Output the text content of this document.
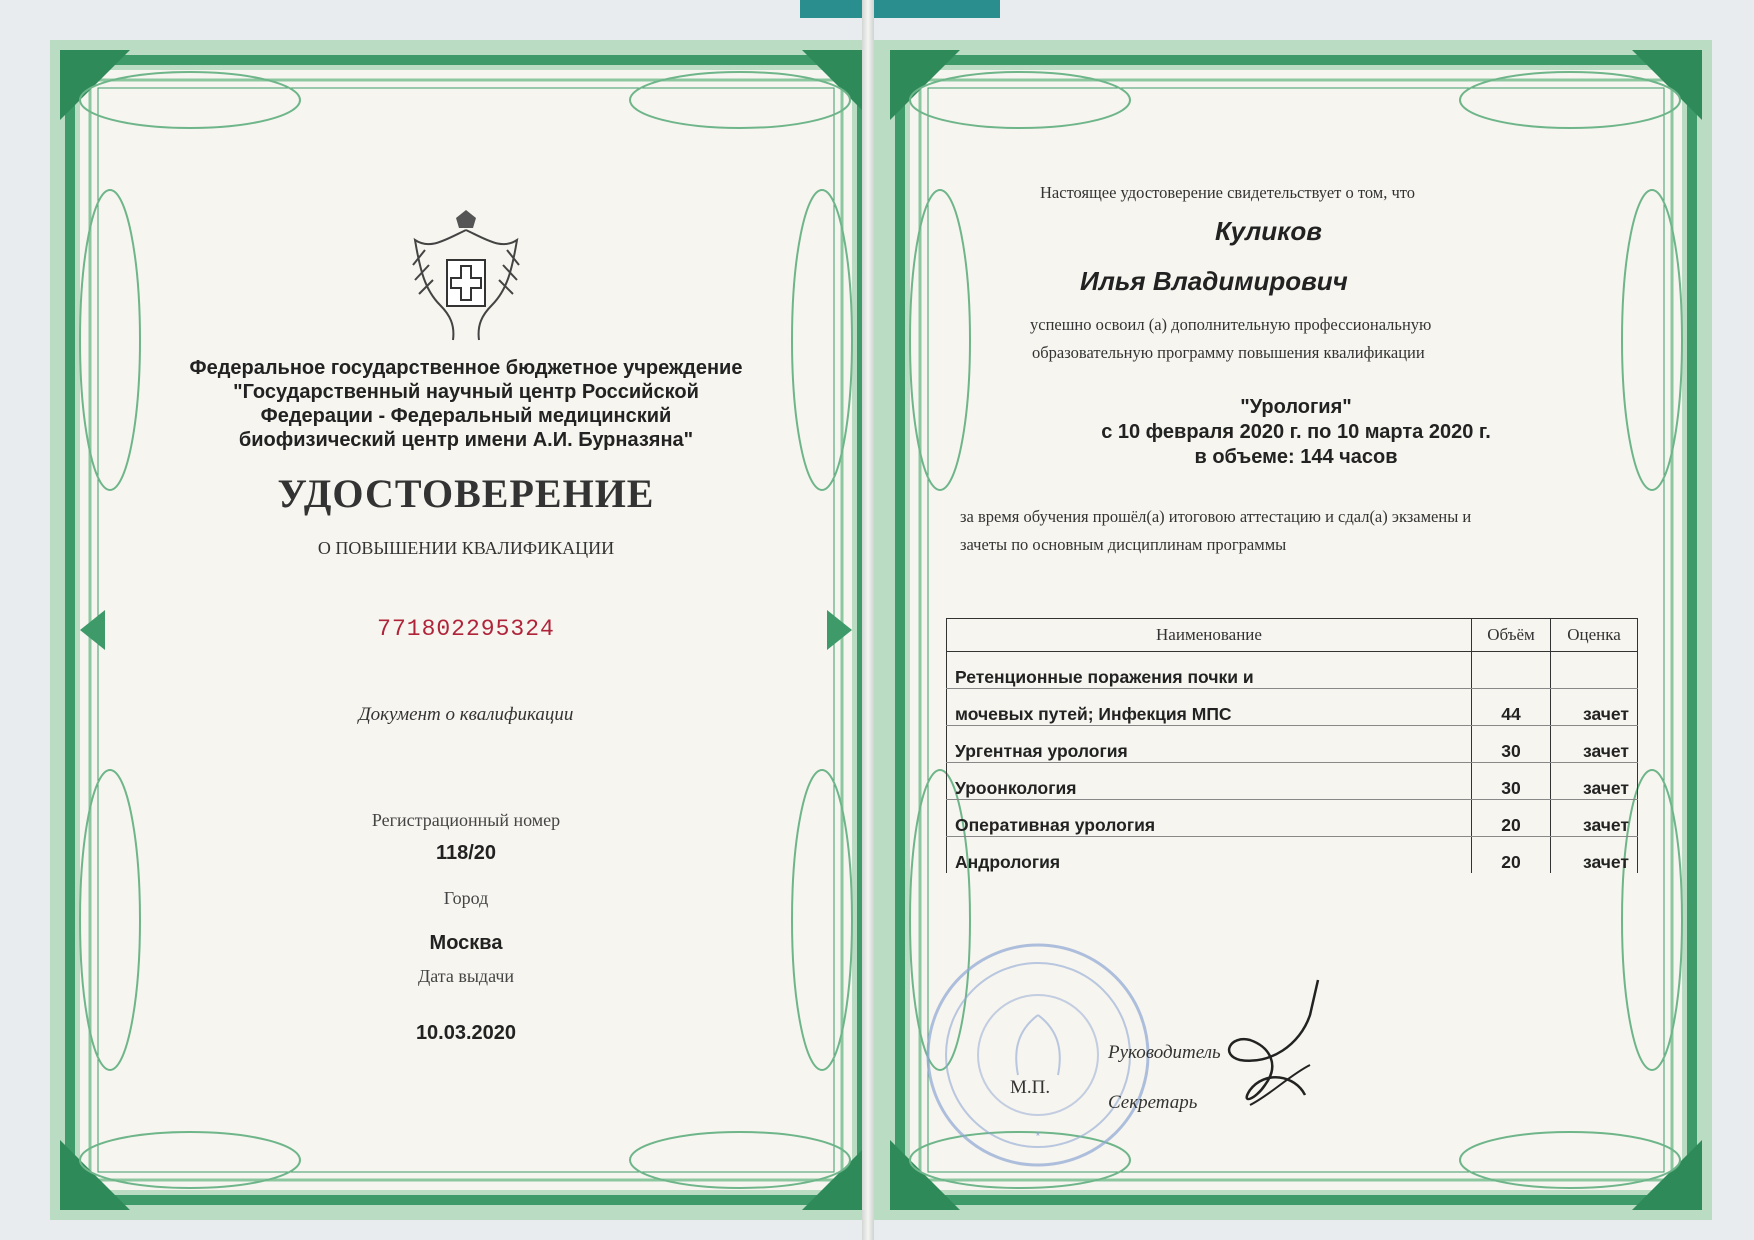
Федеральное государственное бюджетное учреждение
"Государственный научный центр Российской
Федерации - Федеральный медицинский
биофизический центр имени А.И. Бурназяна"
УДОСТОВЕРЕНИЕ
О ПОВЫШЕНИИ КВАЛИФИКАЦИИ
771802295324
Документ о квалификации
Регистрационный номер
118/20
Город
Москва
Дата выдачи
10.03.2020
Настоящее удостоверение свидетельствует о том, что
Куликов
Илья Владимирович
успешно освоил (а) дополнительную профессиональную
образовательную программу повышения квалификации
"Урология"
с 10 февраля 2020 г. по 10 марта 2020 г.
в объеме: 144 часов
за время обучения прошёл(а) итоговою аттестацию и сдал(а) экзамены и
зачеты по основным дисциплинам программы
Наименование	Объём	Оценка
Ретенционные поражения почки и		
мочевых путей; Инфекция МПС	44	зачет
Ургентная урология	30	зачет
Уроонкология	30	зачет
Оперативная урология	20	зачет
Андрология	20	зачет
*
М.П.
Руководитель
Секретарь
